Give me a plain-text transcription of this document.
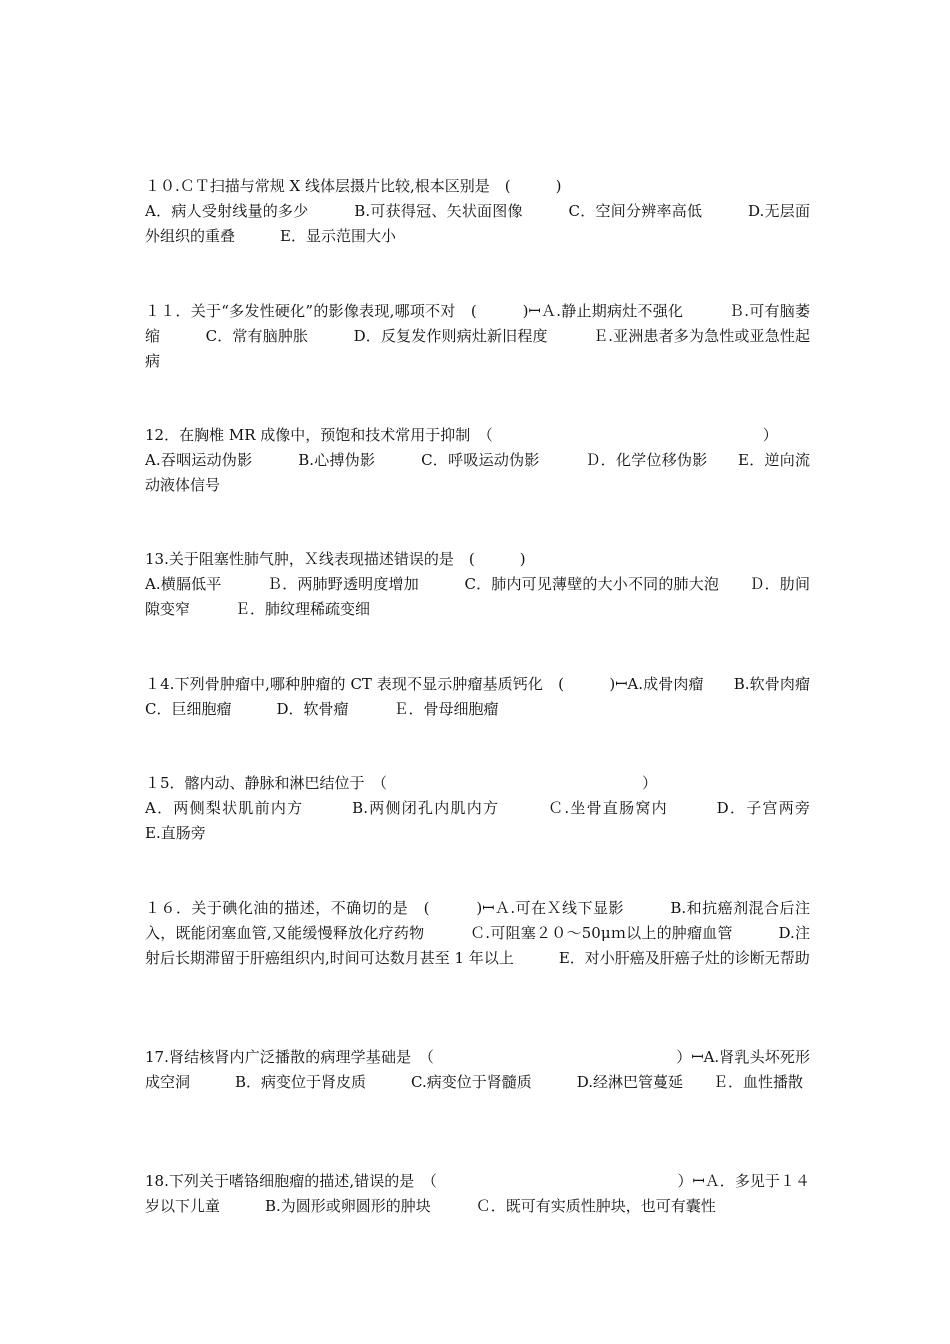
１０.ＣＴ扫描与常规 X 线体层摄片比较,根本区别是　(　　　)
A．病人受射线量的多少　　　B.可获得冠、矢状面图像　　　C．空间分辨率高低　　　D.无层面外组织的重叠　　　E．显示范围大小
１１．关于“多发性硬化”的影像表现,哪项不对　(　　　)ꟷＡ.静止期病灶不强化　　　Ｂ.可有脑萎缩　　　C．常有脑肿胀　　　D．反复发作则病灶新旧程度　　　Ｅ.亚洲患者多为急性或亚急性起病
12．在胸椎 MR 成像中，预饱和技术常用于抑制　（　　　　　　　　　　　　　　　　　　）
A.吞咽运动伪影　　　B.心搏伪影　　　C．呼吸运动伪影　　　Ｄ．化学位移伪影　　E．逆向流动液体信号
13.关于阻塞性肺气肿，Ｘ线表现描述错误的是　(　　　)
A.横膈低平　　　Ｂ．两肺野透明度增加　　　C．肺内可见薄壁的大小不同的肺大泡　　Ｄ．肋间隙变窄　　　Ｅ．肺纹理稀疏变细
１4.下列骨肿瘤中,哪种肿瘤的 CT 表现不显示肿瘤基质钙化　(　　　)ꟷA.成骨肉瘤　　B.软骨肉瘤　　　C．巨细胞瘤　　　D．软骨瘤　　　Ｅ．骨母细胞瘤
１5．髂内动、静脉和淋巴结位于　（　　　　　　　　　　　　　　　　　）
A．两侧梨状肌前内方　　　B.两侧闭孔内肌内方　　　Ｃ.坐骨直肠窝内　　　D．子宫两旁　　　E.直肠旁
１６．关于碘化油的描述，不确切的是　(　　　)ꟷＡ.可在Ｘ线下显影　　　B.和抗癌剂混合后注入，既能闭塞血管,又能缓慢释放化疗药物　　　Ｃ.可阻塞２０～50μｍ以上的肿瘤血管　　　D.注射后长期滞留于肝癌组织内,时间可达数月甚至 1 年以上　　　E．对小肝癌及肝癌子灶的诊断无帮助
17.肾结核肾内广泛播散的病理学基础是　（　　　　　　　　　　　　　　　　）ꟷA.肾乳头坏死形成空洞　　　B．病变位于肾皮质　　　C.病变位于肾髓质　　　D.经淋巴管蔓延　　Ｅ．血性播散
18.下列关于嗜铬细胞瘤的描述,错误的是　（　　　　　　　　　　　　　　　　）ꟷＡ．多见于１４岁以下儿童　　　B.为圆形或卵圆形的肿块　　　Ｃ．既可有实质性肿块，也可有囊性
